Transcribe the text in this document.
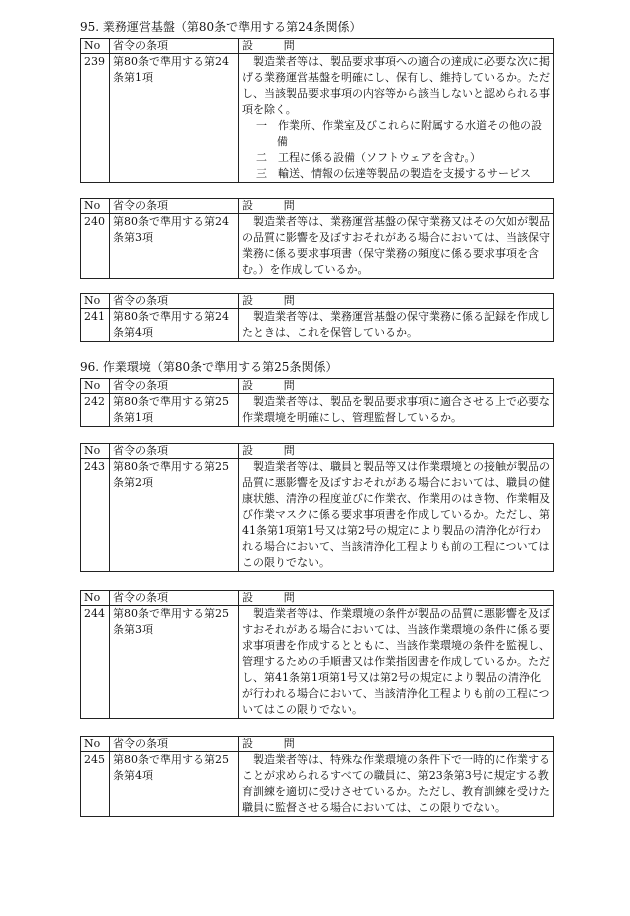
95. 業務運営基盤（第80条で準用する第24条関係）
No	省令の条項	設　問
239	第80条で準用する第24条第1項	製造業者等は、製品要求事項への適合の達成に必要な次に掲げる業務運営基盤を明確にし、保有し、維持しているか。ただし、当該製品要求事項の内容等から該当しないと認められる事項を除く。

一　作業所、作業室及びこれらに附属する水道その他の設備

二　工程に係る設備（ソフトウェアを含む。）

三　輸送、情報の伝達等製品の製造を支援するサービス

No	省令の条項	設　問
240	第80条で準用する第24条第3項	製造業者等は、業務運営基盤の保守業務又はその欠如が製品の品質に影響を及ぼすおそれがある場合においては、当該保守業務に係る要求事項書（保守業務の頻度に係る要求事項を含む。）を作成しているか。

No	省令の条項	設　問
241	第80条で準用する第24条第4項	製造業者等は、業務運営基盤の保守業務に係る記録を作成したときは、これを保管しているか。

96. 作業環境（第80条で準用する第25条関係）
No	省令の条項	設　問
242	第80条で準用する第25条第1項	製造業者等は、製品を製品要求事項に適合させる上で必要な作業環境を明確にし、管理監督しているか。

No	省令の条項	設　問
243	第80条で準用する第25条第2項	製造業者等は、職員と製品等又は作業環境との接触が製品の品質に悪影響を及ぼすおそれがある場合においては、職員の健康状態、清浄の程度並びに作業衣、作業用のはき物、作業帽及び作業マスクに係る要求事項書を作成しているか。ただし、第41条第1項第1号又は第2号の規定により製品の清浄化が行われる場合において、当該清浄化工程よりも前の工程についてはこの限りでない。

No	省令の条項	設　問
244	第80条で準用する第25条第3項	製造業者等は、作業環境の条件が製品の品質に悪影響を及ぼすおそれがある場合においては、当該作業環境の条件に係る要求事項書を作成するとともに、当該作業環境の条件を監視し、管理するための手順書又は作業指図書を作成しているか。ただし、第41条第1項第1号又は第2号の規定により製品の清浄化が行われる場合において、当該清浄化工程よりも前の工程についてはこの限りでない。

No	省令の条項	設　問
245	第80条で準用する第25条第4項	製造業者等は、特殊な作業環境の条件下で一時的に作業することが求められるすべての職員に、第23条第3号に規定する教育訓練を適切に受けさせているか。ただし、教育訓練を受けた職員に監督させる場合においては、この限りでない。
